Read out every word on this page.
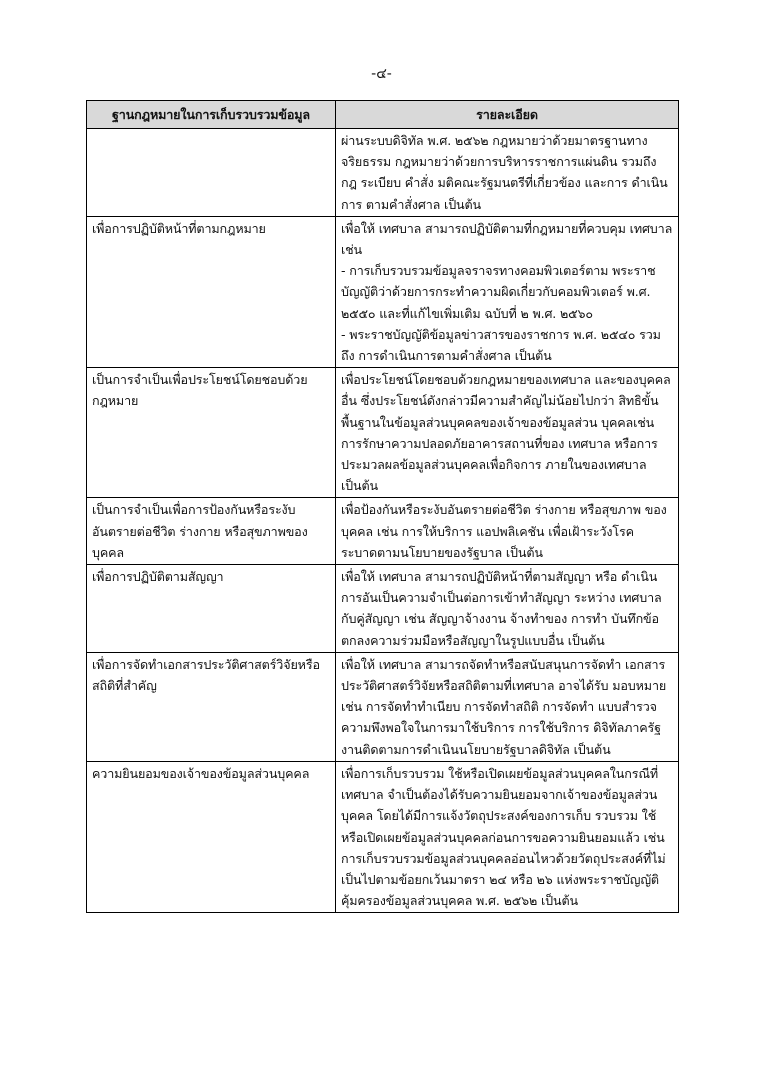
-๔-
ฐานกฎหมายในการเก็บรวบรวมข้อมูล	รายละเอียด

	ผ่านระบบดิจิทัล พ.ศ. ๒๕๖๒ กฎหมายว่าด้วยมาตรฐานทาง จริยธรรม กฎหมายว่าด้วยการบริหารราชการแผ่นดิน รวมถึง กฎ ระเบียบ คำสั่ง มติคณะรัฐมนตรีที่เกี่ยวข้อง และการ ดำเนินการ ตามคำสั่งศาล เป็นต้น

เพื่อการปฏิบัติหน้าที่ตามกฎหมาย	เพื่อให้ เทศบาล สามารถปฏิบัติตามที่กฎหมายที่ควบคุม เทศบาล เช่น
- การเก็บรวบรวมข้อมูลจราจรทางคอมพิวเตอร์ตาม พระราชบัญญัติว่าด้วยการกระทำความผิดเกี่ยวกับคอมพิวเตอร์ พ.ศ. ๒๕๕๐ และที่แก้ไขเพิ่มเติม ฉบับที่ ๒ พ.ศ. ๒๕๖๐
- พระราชบัญญัติข้อมูลข่าวสารของราชการ พ.ศ. ๒๕๔๐ รวมถึง การดำเนินการตามคำสั่งศาล เป็นต้น

เป็นการจำเป็นเพื่อประโยชน์โดยชอบด้วยกฎหมาย	เพื่อประโยชน์โดยชอบด้วยกฎหมายของเทศบาล และของบุคคลอื่น ซึ่งประโยชน์ดังกล่าวมีความสำคัญไม่น้อยไปกว่า สิทธิขั้นพื้นฐานในข้อมูลส่วนบุคคลของเจ้าของข้อมูลส่วน บุคคลเช่นการรักษาความปลอดภัยอาคารสถานที่ของ เทศบาล หรือการประมวลผลข้อมูลส่วนบุคคลเพื่อกิจการ ภายในของเทศบาล เป็นต้น

เป็นการจำเป็นเพื่อการป้องกันหรือระงับอันตรายต่อชีวิต ร่างกาย หรือสุขภาพของบุคคล	เพื่อป้องกันหรือระงับอันตรายต่อชีวิต ร่างกาย หรือสุขภาพ ของบุคคล เช่น การให้บริการ แอปพลิเคชัน เพื่อเฝ้าระวังโรค ระบาดตามนโยบายของรัฐบาล เป็นต้น

เพื่อการปฏิบัติตามสัญญา	เพื่อให้ เทศบาล สามารถปฏิบัติหน้าที่ตามสัญญา หรือ ดำเนินการอันเป็นความจำเป็นต่อการเข้าทำสัญญา ระหว่าง เทศบาล กับคู่สัญญา เช่น สัญญาจ้างงาน จ้างทำของ การทำ บันทึกข้อตกลงความร่วมมือหรือสัญญาในรูปแบบอื่น เป็นต้น

เพื่อการจัดทำเอกสารประวัติศาสตร์วิจัยหรือสถิติที่สำคัญ	เพื่อให้ เทศบาล สามารถจัดทำหรือสนับสนุนการจัดทำ เอกสารประวัติศาสตร์วิจัยหรือสถิติตามที่เทศบาล อาจได้รับ มอบหมาย เช่น การจัดทำทำเนียบ การจัดทำสถิติ การจัดทำ แบบสำรวจความพึงพอใจในการมาใช้บริการ การใช้บริการ ดิจิทัลภาครัฐ งานติดตามการดำเนินนโยบายรัฐบาลดิจิทัล เป็นต้น

ความยินยอมของเจ้าของข้อมูลส่วนบุคคล	เพื่อการเก็บรวบรวม ใช้หรือเปิดเผยข้อมูลส่วนบุคคลในกรณีที่ เทศบาล จำเป็นต้องได้รับความยินยอมจากเจ้าของข้อมูลส่วน บุคคล โดยได้มีการแจ้งวัตถุประสงค์ของการเก็บ รวบรวม ใช้ หรือเปิดเผยข้อมูลส่วนบุคคลก่อนการขอความยินยอมแล้ว เช่น การเก็บรวบรวมข้อมูลส่วนบุคคลอ่อนไหวด้วยวัตถุประสงค์ที่ไม่ เป็นไปตามข้อยกเว้นมาตรา ๒๔ หรือ ๒๖ แห่งพระราชบัญญัติ คุ้มครองข้อมูลส่วนบุคคล พ.ศ. ๒๕๖๒ เป็นต้น
